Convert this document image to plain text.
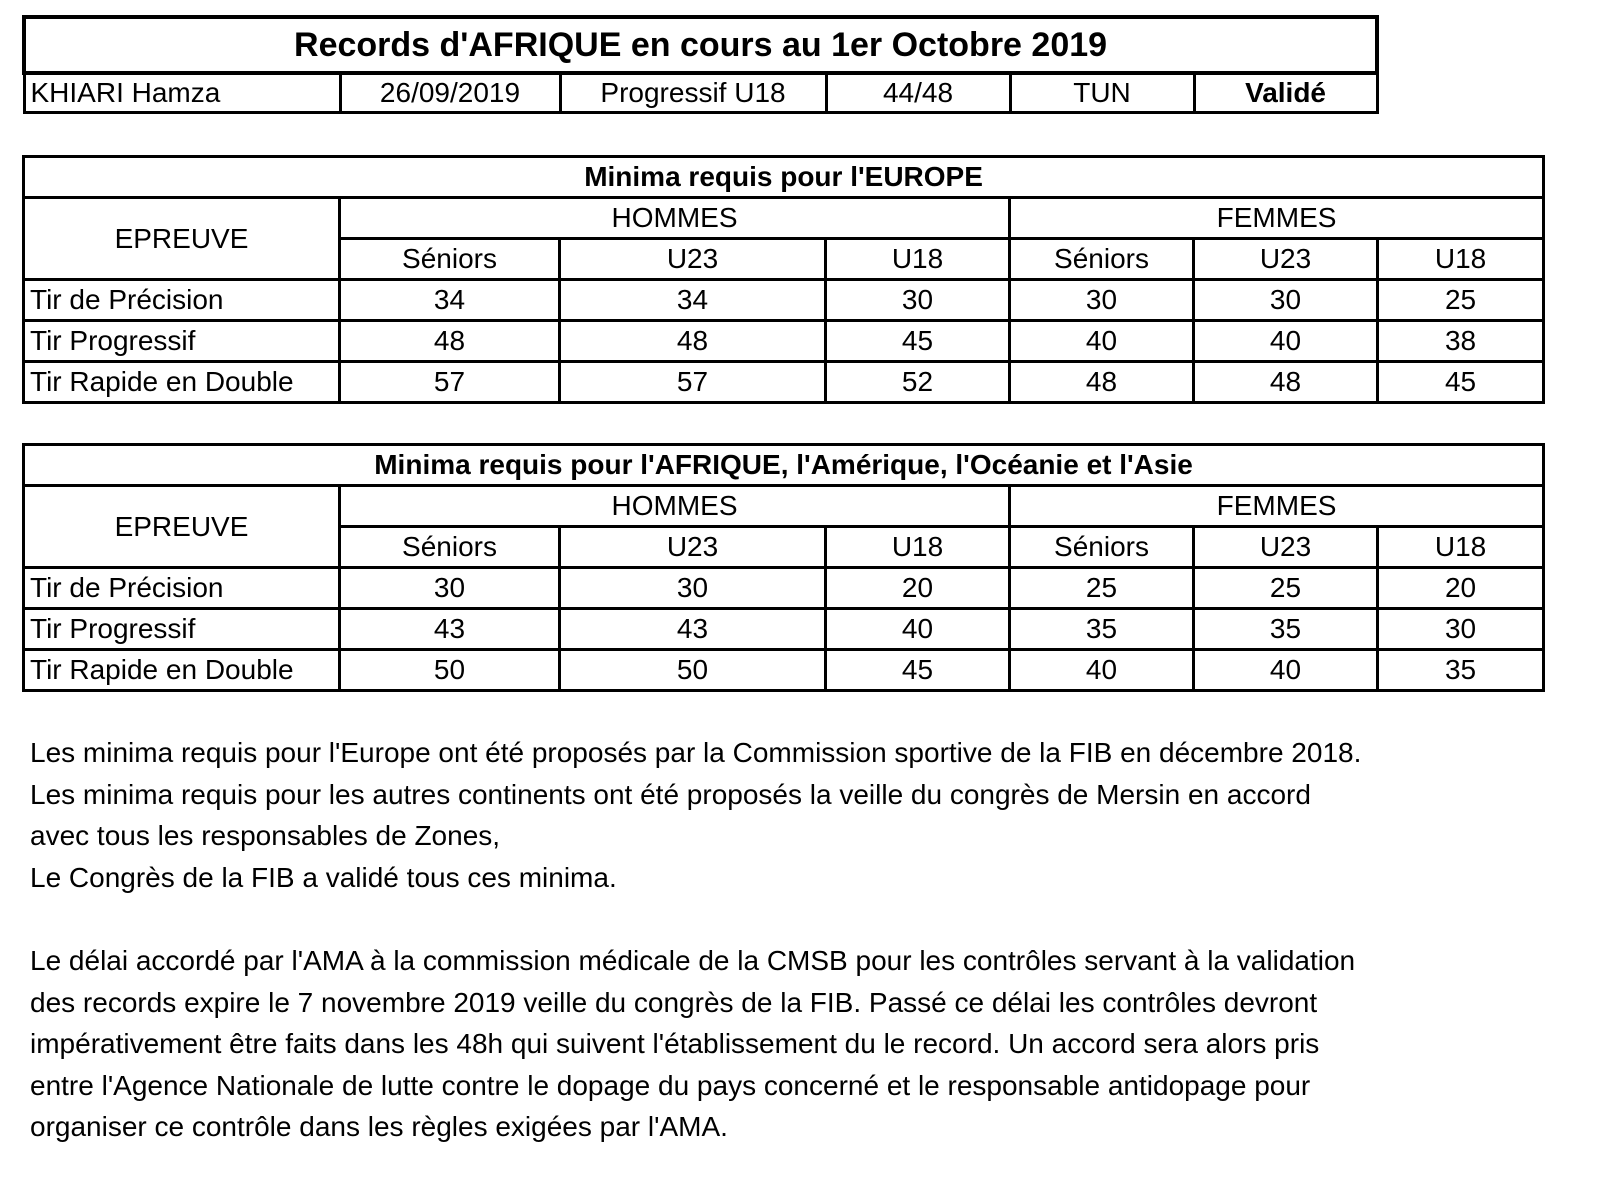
Records d'AFRIQUE en cours au 1er Octobre 2019
KHIARI Hamza	26/09/2019	Progressif U18	44/48	TUN	Validé
Minima requis pour l'EUROPE						
EPREUVE	HOMMES			FEMMES		
	Séniors	U23	U18	Séniors	U23	U18
Tir de Précision	34	34	30	30	30	25
Tir Progressif	48	48	45	40	40	38
Tir Rapide en Double	57	57	52	48	48	45
Minima requis pour l'AFRIQUE, l'Amérique, l'Océanie et l'Asie						
EPREUVE	HOMMES			FEMMES		
	Séniors	U23	U18	Séniors	U23	U18
Tir de Précision	30	30	20	25	25	20
Tir Progressif	43	43	40	35	35	30
Tir Rapide en Double	50	50	45	40	40	35

Les minima requis pour l'Europe ont été proposés par la Commission sportive de la FIB en décembre 2018.

Les minima requis pour les autres continents ont été proposés la veille du congrès de Mersin en accord

avec tous les responsables de Zones,

Le Congrès de la FIB a validé tous ces minima.

Le délai accordé par l'AMA à la commission médicale de la CMSB pour les contrôles servant à la validation

des records expire le 7 novembre 2019 veille du congrès de la FIB. Passé ce délai les contrôles devront

impérativement être faits dans les 48h qui suivent l'établissement du le record. Un accord sera alors pris

entre l'Agence Nationale de lutte contre le dopage du pays concerné et le responsable antidopage pour

organiser ce contrôle dans les règles exigées par l'AMA.
